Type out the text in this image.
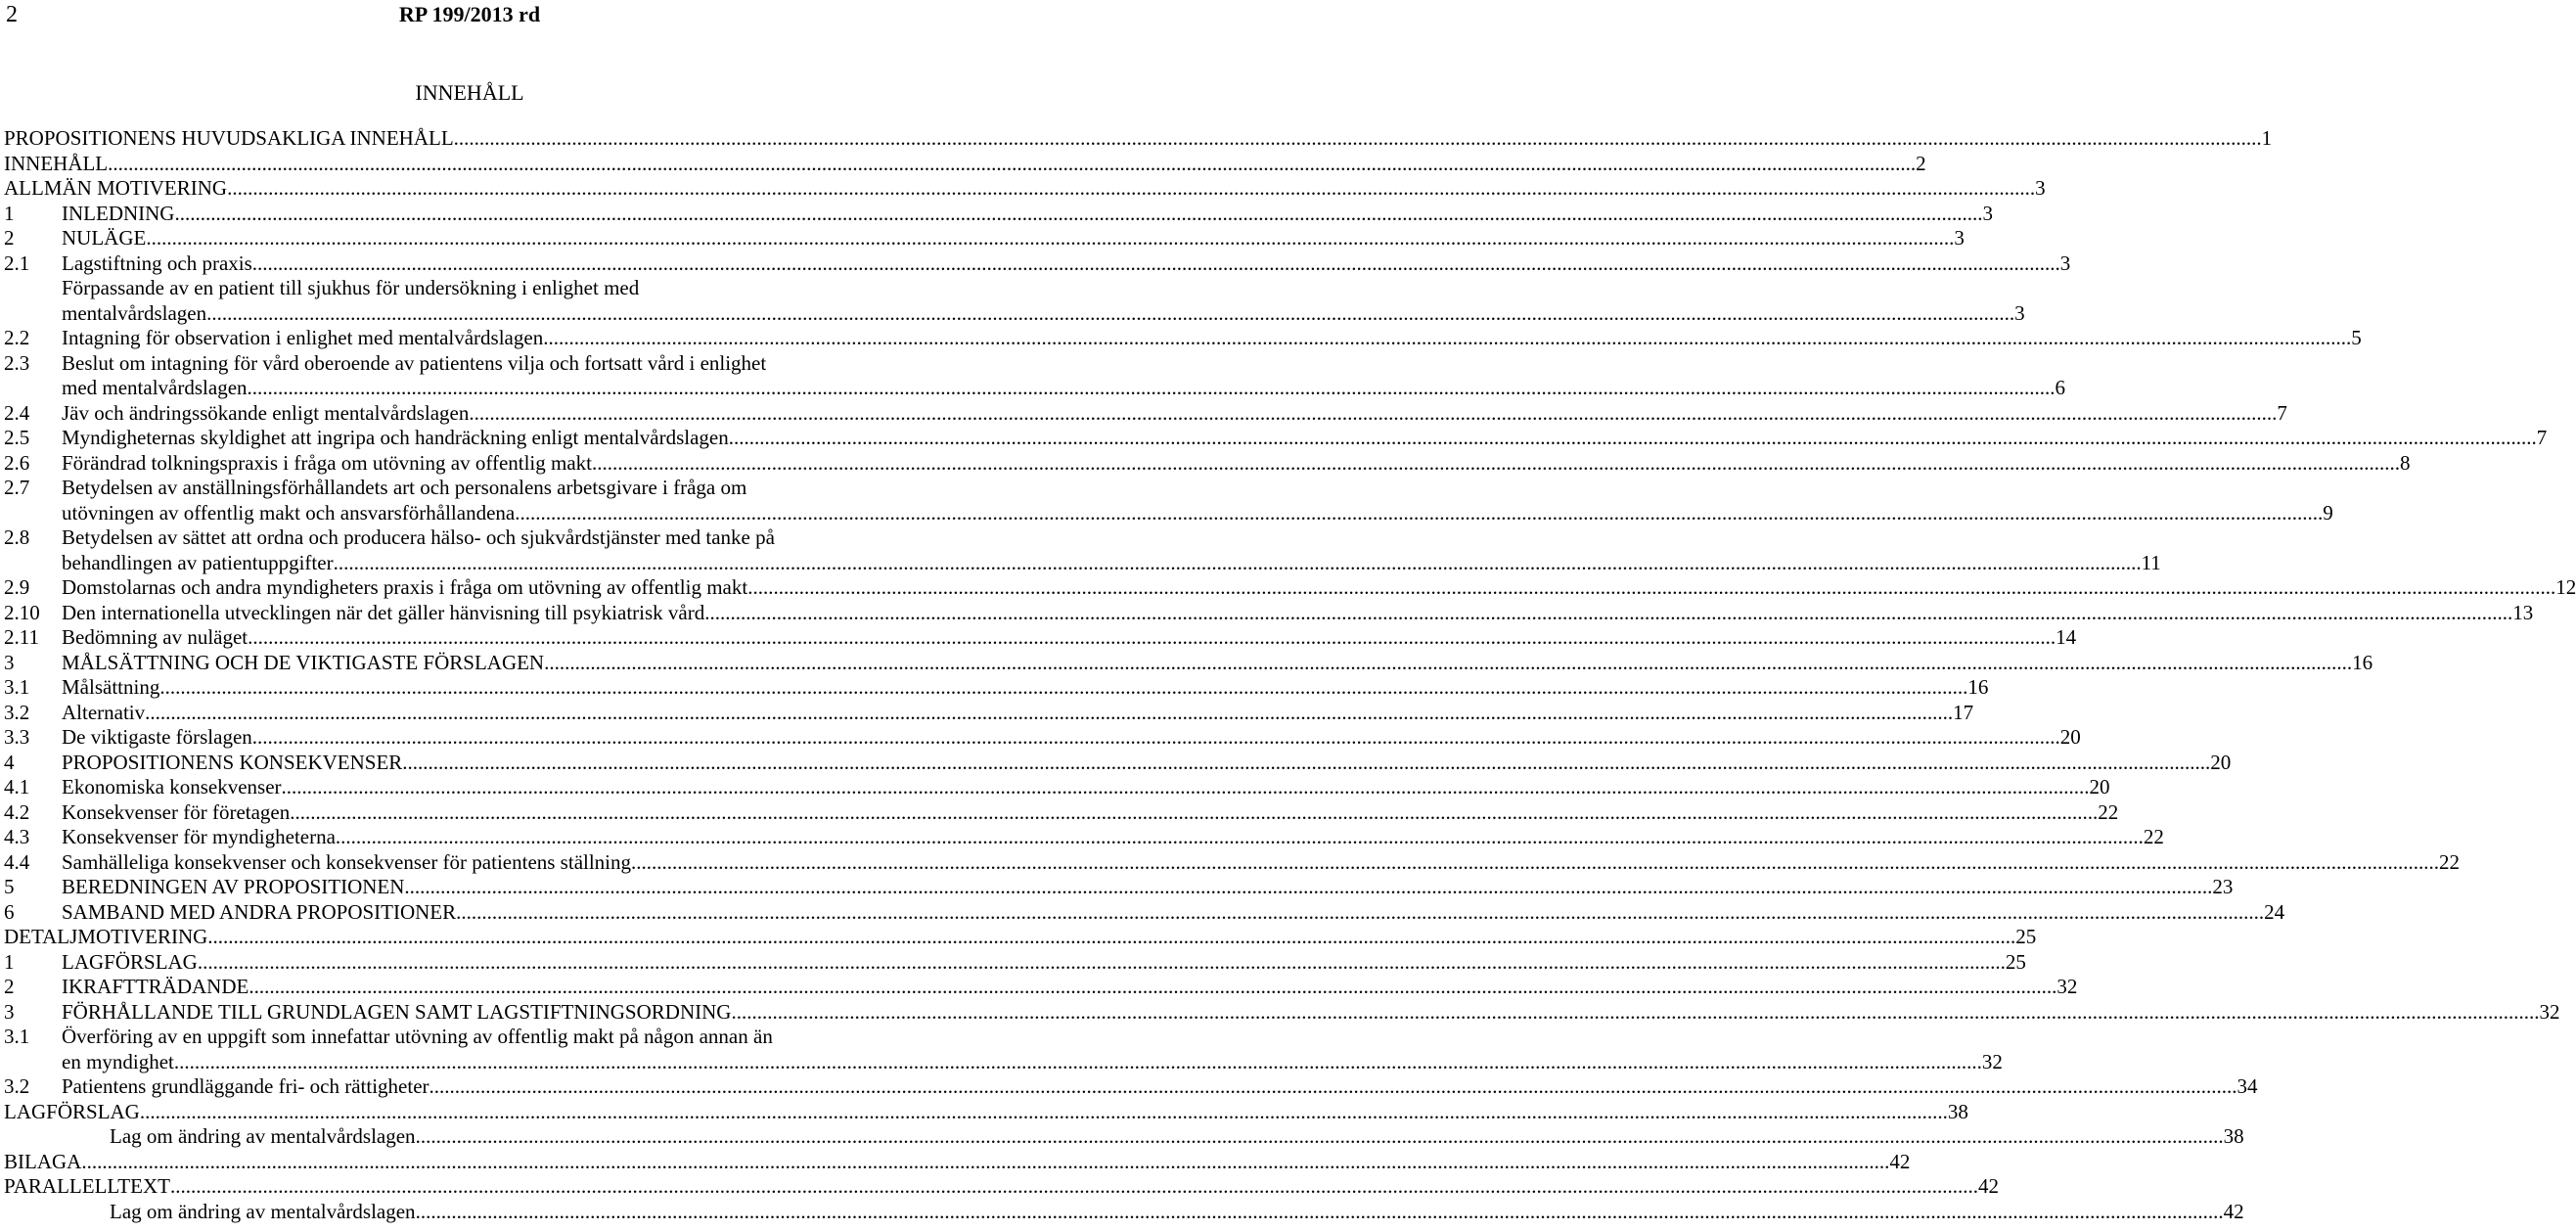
2	RP 199/2013 rd
INNEHÅLL
PROPOSITIONENS HUVUDSAKLIGA INNEHÅLL .....	1
INNEHÅLL .....	2
ALLMÄN MOTIVERING .....	3
1	INLEDNING .....	3
2	NULÄGE .....	3
2.1	Lagstiftning och praxis .....	3
Förpassande av en patient till sjukhus för undersökning i enlighet med
mentalvårdslagen .....	3
2.2	Intagning för observation i enlighet med mentalvårdslagen .....	5
2.3	Beslut om intagning för vård oberoende av patientens vilja och fortsatt vård i enlighet
med mentalvårdslagen .....	6
2.4	Jäv och ändringssökande enligt mentalvårdslagen .....	7
2.5	Myndigheternas skyldighet att ingripa och handräckning enligt mentalvårdslagen .....	7
2.6	Förändrad tolkningspraxis i fråga om utövning av offentlig makt .....	8
2.7	Betydelsen av anställningsförhållandets art och personalens arbetsgivare i fråga om
utövningen av offentlig makt och ansvarsförhållandena .....	9
2.8	Betydelsen av sättet att ordna och producera hälso- och sjukvårdstjänster med tanke på
behandlingen av patientuppgifter .....	11
2.9	Domstolarnas och andra myndigheters praxis i fråga om utövning av offentlig makt .....	12
2.10	Den internationella utvecklingen när det gäller hänvisning till psykiatrisk vård .....	13
2.11	Bedömning av nuläget .....	14
3	MÅLSÄTTNING OCH DE VIKTIGASTE FÖRSLAGEN .....	16
3.1	Målsättning .....	16
3.2	Alternativ .....	17
3.3	De viktigaste förslagen .....	20
4	PROPOSITIONENS KONSEKVENSER .....	20
4.1	Ekonomiska konsekvenser .....	20
4.2	Konsekvenser för företagen .....	22
4.3	Konsekvenser för myndigheterna .....	22
4.4	Samhälleliga konsekvenser och konsekvenser för patientens ställning .....	22
5	BEREDNINGEN AV PROPOSITIONEN .....	23
6	SAMBAND MED ANDRA PROPOSITIONER .....	24
DETALJMOTIVERING .....	25
1	LAGFÖRSLAG .....	25
2	IKRAFTTRÄDANDE .....	32
3	FÖRHÅLLANDE TILL GRUNDLAGEN SAMT LAGSTIFTNINGSORDNING .....	32
3.1	Överföring av en uppgift som innefattar utövning av offentlig makt på någon annan än
en myndighet .....	32
3.2	Patientens grundläggande fri- och rättigheter .....	34
LAGFÖRSLAG .....	38
Lag om ändring av mentalvårdslagen .....	38
BILAGA .....	42
PARALLELLTEXT .....	42
Lag om ändring av mentalvårdslagen .....	42
